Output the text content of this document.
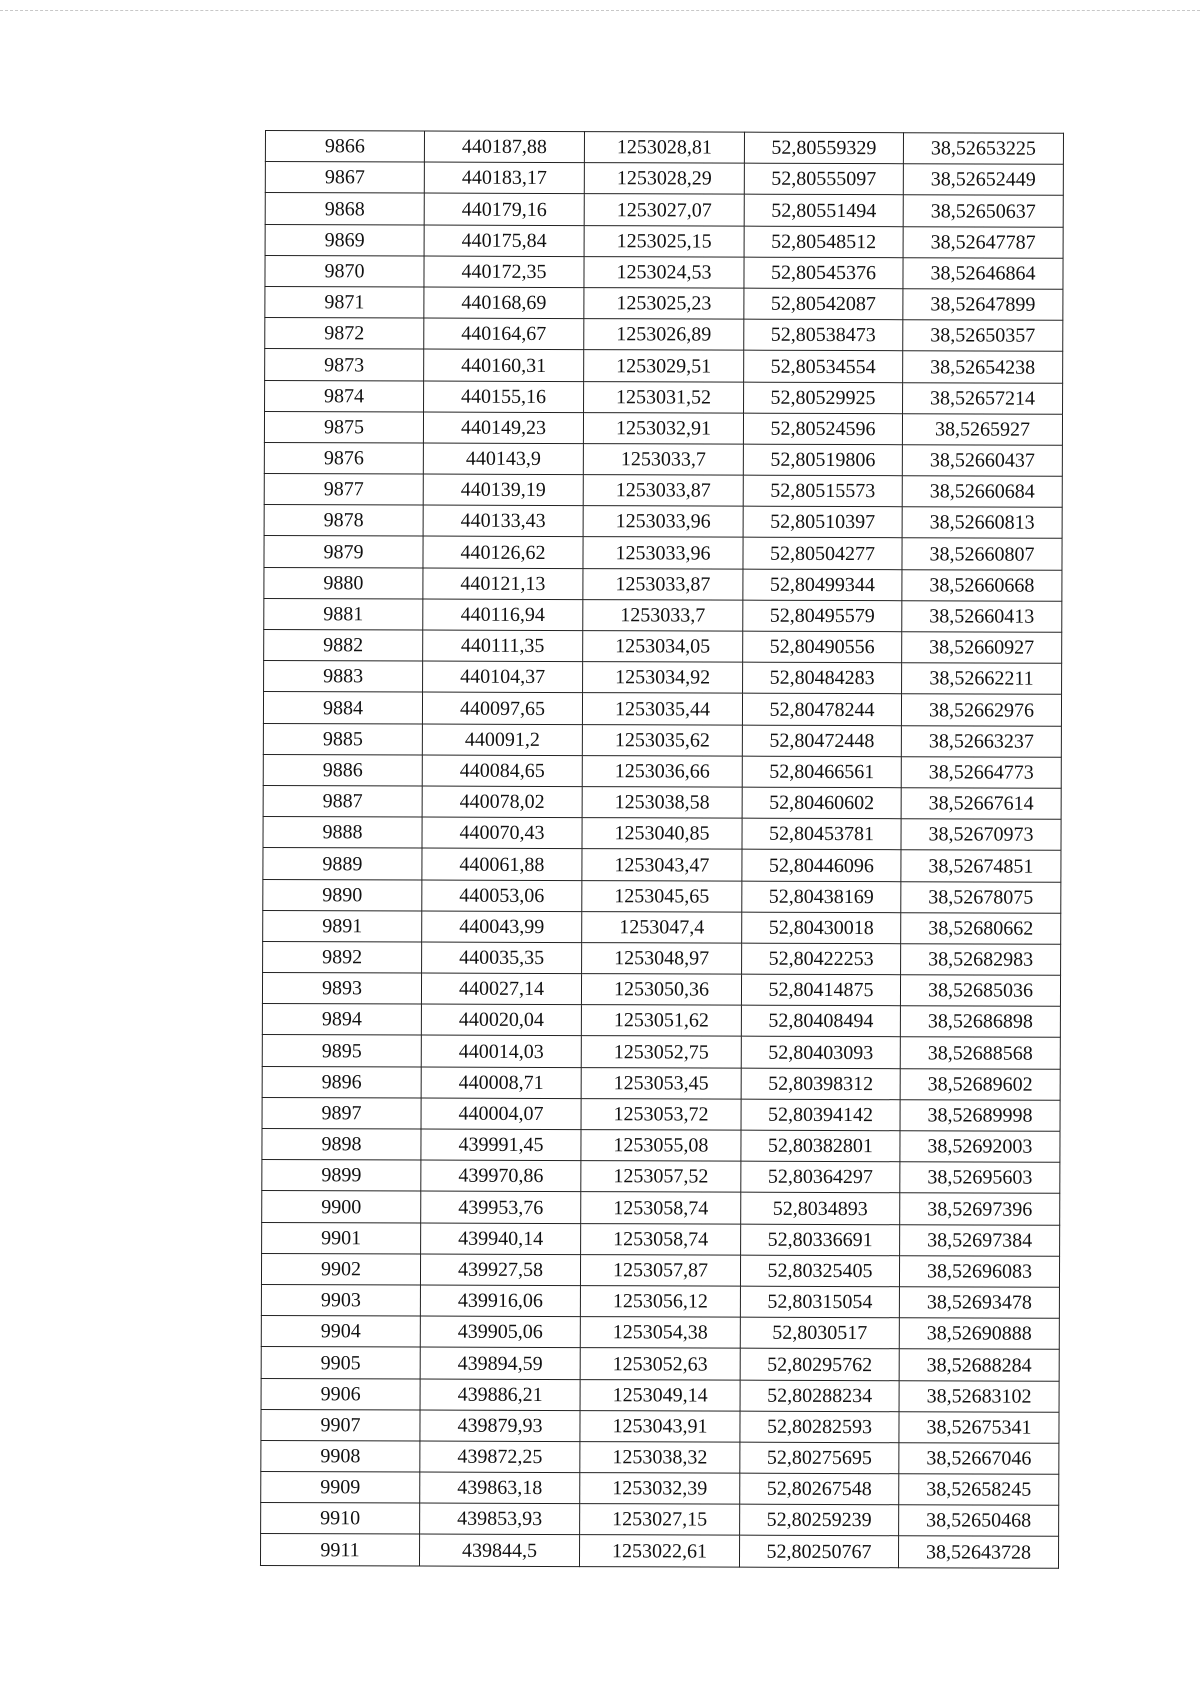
9866	440187,88	1253028,81	52,80559329	38,52653225
9867	440183,17	1253028,29	52,80555097	38,52652449
9868	440179,16	1253027,07	52,80551494	38,52650637
9869	440175,84	1253025,15	52,80548512	38,52647787
9870	440172,35	1253024,53	52,80545376	38,52646864
9871	440168,69	1253025,23	52,80542087	38,52647899
9872	440164,67	1253026,89	52,80538473	38,52650357
9873	440160,31	1253029,51	52,80534554	38,52654238
9874	440155,16	1253031,52	52,80529925	38,52657214
9875	440149,23	1253032,91	52,80524596	38,5265927
9876	440143,9	1253033,7	52,80519806	38,52660437
9877	440139,19	1253033,87	52,80515573	38,52660684
9878	440133,43	1253033,96	52,80510397	38,52660813
9879	440126,62	1253033,96	52,80504277	38,52660807
9880	440121,13	1253033,87	52,80499344	38,52660668
9881	440116,94	1253033,7	52,80495579	38,52660413
9882	440111,35	1253034,05	52,80490556	38,52660927
9883	440104,37	1253034,92	52,80484283	38,52662211
9884	440097,65	1253035,44	52,80478244	38,52662976
9885	440091,2	1253035,62	52,80472448	38,52663237
9886	440084,65	1253036,66	52,80466561	38,52664773
9887	440078,02	1253038,58	52,80460602	38,52667614
9888	440070,43	1253040,85	52,80453781	38,52670973
9889	440061,88	1253043,47	52,80446096	38,52674851
9890	440053,06	1253045,65	52,80438169	38,52678075
9891	440043,99	1253047,4	52,80430018	38,52680662
9892	440035,35	1253048,97	52,80422253	38,52682983
9893	440027,14	1253050,36	52,80414875	38,52685036
9894	440020,04	1253051,62	52,80408494	38,52686898
9895	440014,03	1253052,75	52,80403093	38,52688568
9896	440008,71	1253053,45	52,80398312	38,52689602
9897	440004,07	1253053,72	52,80394142	38,52689998
9898	439991,45	1253055,08	52,80382801	38,52692003
9899	439970,86	1253057,52	52,80364297	38,52695603
9900	439953,76	1253058,74	52,8034893	38,52697396
9901	439940,14	1253058,74	52,80336691	38,52697384
9902	439927,58	1253057,87	52,80325405	38,52696083
9903	439916,06	1253056,12	52,80315054	38,52693478
9904	439905,06	1253054,38	52,8030517	38,52690888
9905	439894,59	1253052,63	52,80295762	38,52688284
9906	439886,21	1253049,14	52,80288234	38,52683102
9907	439879,93	1253043,91	52,80282593	38,52675341
9908	439872,25	1253038,32	52,80275695	38,52667046
9909	439863,18	1253032,39	52,80267548	38,52658245
9910	439853,93	1253027,15	52,80259239	38,52650468
9911	439844,5	1253022,61	52,80250767	38,52643728
